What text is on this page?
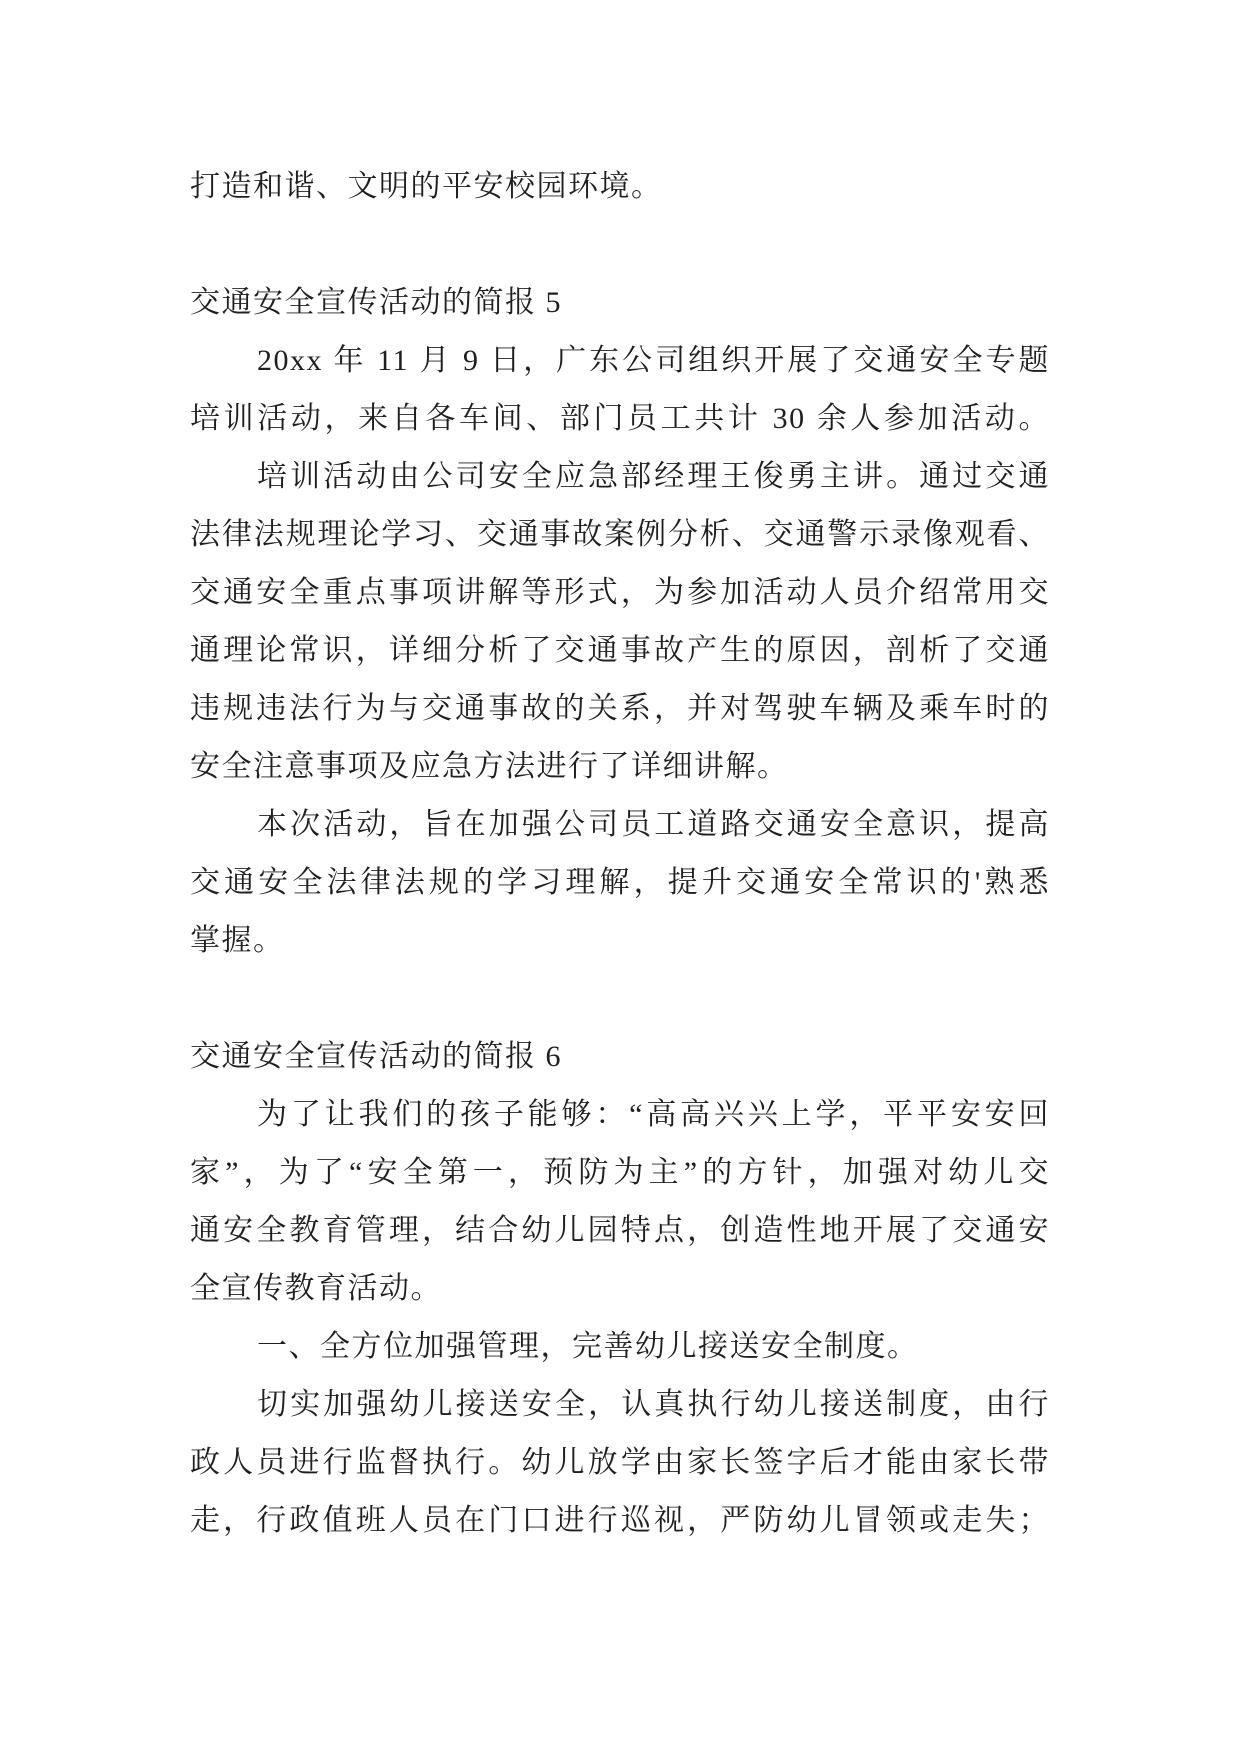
打造和谐、文明的平安校园环境。
交通安全宣传活动的简报 5
20xx 年 11 月 9 日，广东公司组织开展了交通安全专题
培训活动，来自各车间、部门员工共计 30 余人参加活动。
培训活动由公司安全应急部经理王俊勇主讲。通过交通
法律法规理论学习、交通事故案例分析、交通警示录像观看、
交通安全重点事项讲解等形式，为参加活动人员介绍常用交
通理论常识，详细分析了交通事故产生的原因，剖析了交通
违规违法行为与交通事故的关系，并对驾驶车辆及乘车时的
安全注意事项及应急方法进行了详细讲解。
本次活动，旨在加强公司员工道路交通安全意识，提高
交通安全法律法规的学习理解，提升交通安全常识的'熟悉
掌握。
交通安全宣传活动的简报 6
为了让我们的孩子能够：“高高兴兴上学，平平安安回
家”，为了“安全第一，预防为主”的方针，加强对幼儿交
通安全教育管理，结合幼儿园特点，创造性地开展了交通安
全宣传教育活动。
一、全方位加强管理，完善幼儿接送安全制度。
切实加强幼儿接送安全，认真执行幼儿接送制度，由行
政人员进行监督执行。幼儿放学由家长签字后才能由家长带
走，行政值班人员在门口进行巡视，严防幼儿冒领或走失；
